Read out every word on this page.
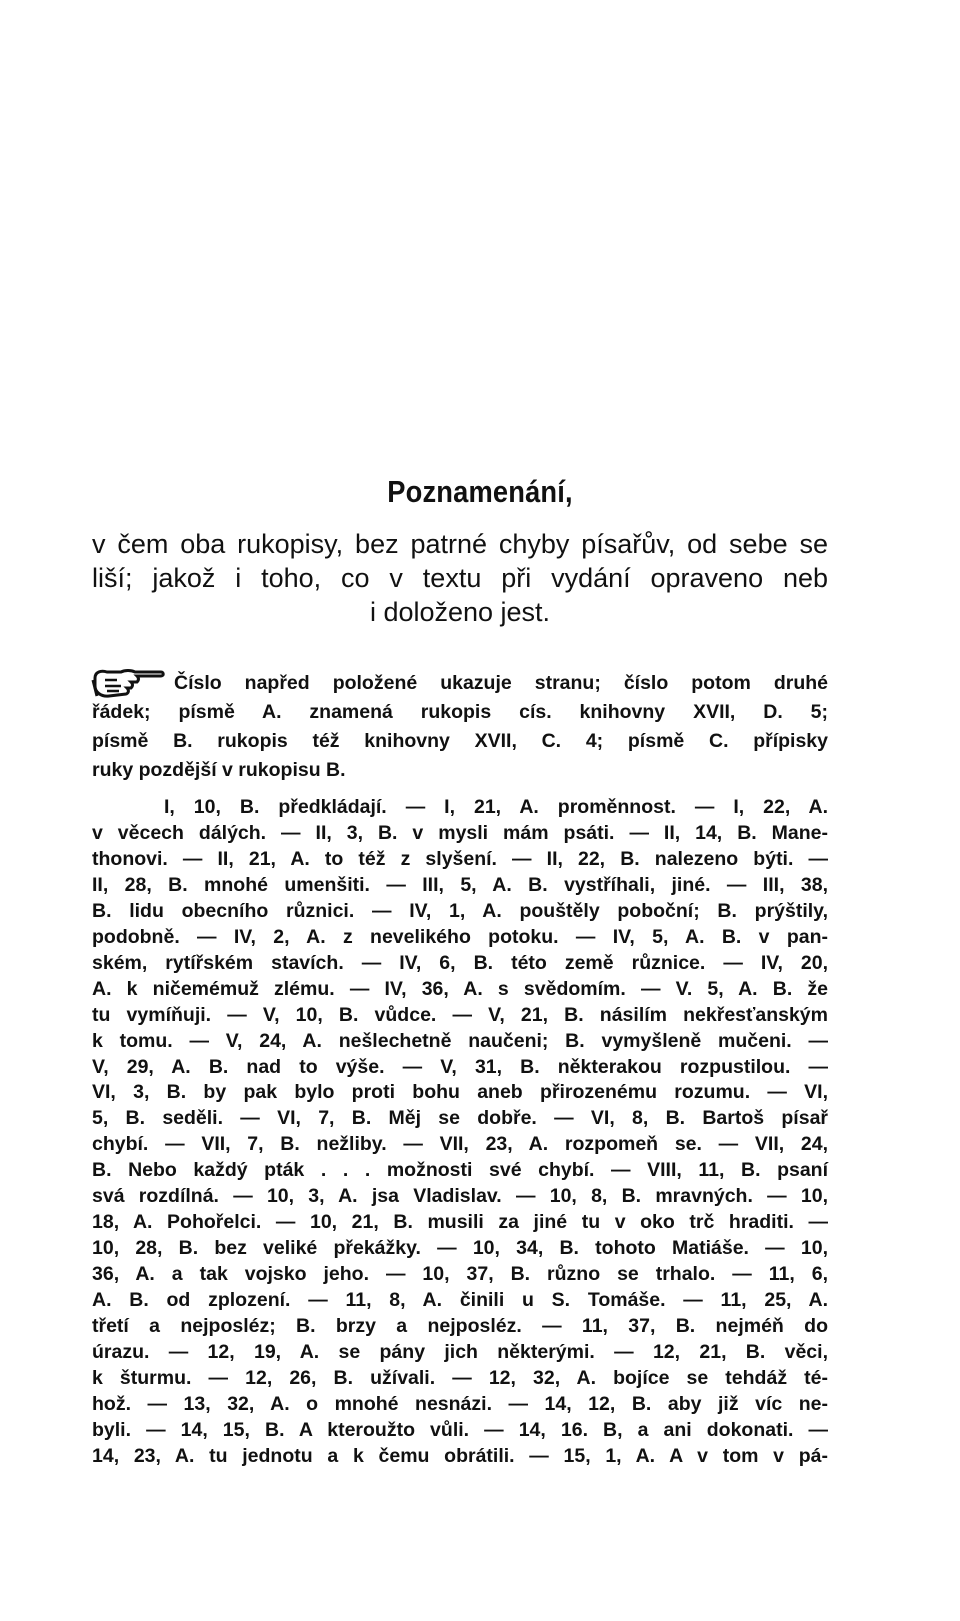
Poznamenání,
v čem oba rukopisy, bez patrné chyby písařův, od sebe se
liší; jakož i toho, co v textu při vydání opraveno neb
i doloženo jest.
Číslo napřed položené ukazuje stranu; číslo potom druhé
řádek; písmě A. znamená rukopis cís. knihovny XVII, D. 5;
písmě B. rukopis též knihovny XVII, C. 4; písmě C. přípisky
ruky pozdější v rukopisu B.
I, 10, B. předkládají. — I, 21, A. proměnnost. — I, 22, A.
v věcech dálých. — II, 3, B. v mysli mám psáti. — II, 14, B. Mane-
thonovi. — II, 21, A. to též z slyšení. — II, 22, B. nalezeno býti. —
II, 28, B. mnohé umenšiti. — III, 5, A. B. vystříhali, jiné. — III, 38,
B. lidu obecního různici. — IV, 1, A. pouštěly poboční; B. prýštily,
podobně. — IV, 2, A. z nevelikého potoku. — IV, 5, A. B. v pan-
ském, rytířském stavích. — IV, 6, B. této země různice. — IV, 20,
A. k ničemémuž zlému. — IV, 36, A. s svědomím. — V. 5, A. B. že
tu vymíňuji. — V, 10, B. vůdce. — V, 21, B. násilím nekřesťanským
k tomu. — V, 24, A. nešlechetně naučeni; B. vymyšleně mučeni. —
V, 29, A. B. nad to výše. — V, 31, B. některakou rozpustilou. —
VI, 3, B. by pak bylo proti bohu aneb přirozenému rozumu. — VI,
5, B. seděli. — VI, 7, B. Měj se dobře. — VI, 8, B. Bartoš písař
chybí. — VII, 7, B. nežliby. — VII, 23, A. rozpomeň se. — VII, 24,
B. Nebo každý pták . . . možnosti své chybí. — VIII, 11, B. psaní
svá rozdílná. — 10, 3, A. jsa Vladislav. — 10, 8, B. mravných. — 10,
18, A. Pohořelci. — 10, 21, B. musili za jiné tu v oko trč hraditi. —
10, 28, B. bez veliké překážky. — 10, 34, B. tohoto Matiáše. — 10,
36, A. a tak vojsko jeho. — 10, 37, B. různo se trhalo. — 11, 6,
A. B. od zplození. — 11, 8, A. činili u S. Tomáše. — 11, 25, A.
třetí a nejposléz; B. brzy a nejposléz. — 11, 37, B. nejméň do
úrazu. — 12, 19, A. se pány jich některými. — 12, 21, B. věci,
k šturmu. — 12, 26, B. užívali. — 12, 32, A. bojíce se tehdáž té-
hož. — 13, 32, A. o mnohé nesnázi. — 14, 12, B. aby již víc ne-
byli. — 14, 15, B. A kteroužto vůli. — 14, 16. B, a ani dokonati. —
14, 23, A. tu jednotu a k čemu obrátili. — 15, 1, A. A v tom v pá-
